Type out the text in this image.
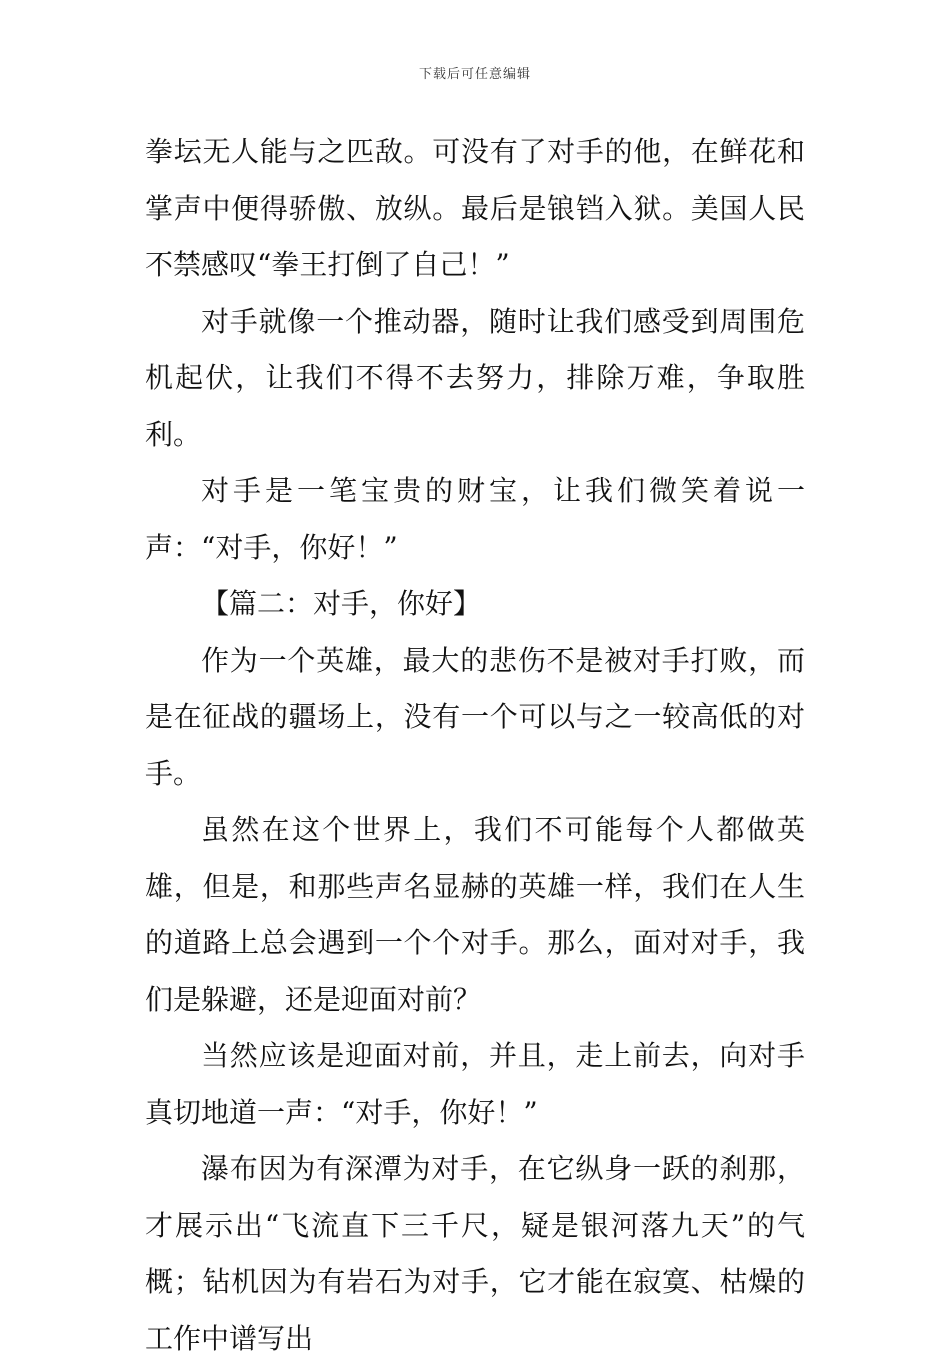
下载后可任意编辑

拳坛无人能与之匹敌。可没有了对手的他，在鲜花和掌声中便得骄傲、放纵。最后是锒铛入狱。美国人民不禁感叹“拳王打倒了自己！”

对手就像一个推动器，随时让我们感受到周围危机起伏，让我们不得不去努力，排除万难，争取胜利。

对手是一笔宝贵的财宝，让我们微笑着说一声：“对手，你好！”

【篇二：对手，你好】

作为一个英雄，最大的悲伤不是被对手打败，而是在征战的疆场上，没有一个可以与之一较高低的对手。

虽然在这个世界上，我们不可能每个人都做英雄，但是，和那些声名显赫的英雄一样，我们在人生的道路上总会遇到一个个对手。那么，面对对手，我们是躲避，还是迎面对前？

当然应该是迎面对前，并且，走上前去，向对手真切地道一声：“对手，你好！”

瀑布因为有深潭为对手，在它纵身一跃的刹那，才展示出“飞流直下三千尺，疑是银河落九天”的气概；钻机因为有岩石为对手，它才能在寂寞、枯燥的工作中谱写出
